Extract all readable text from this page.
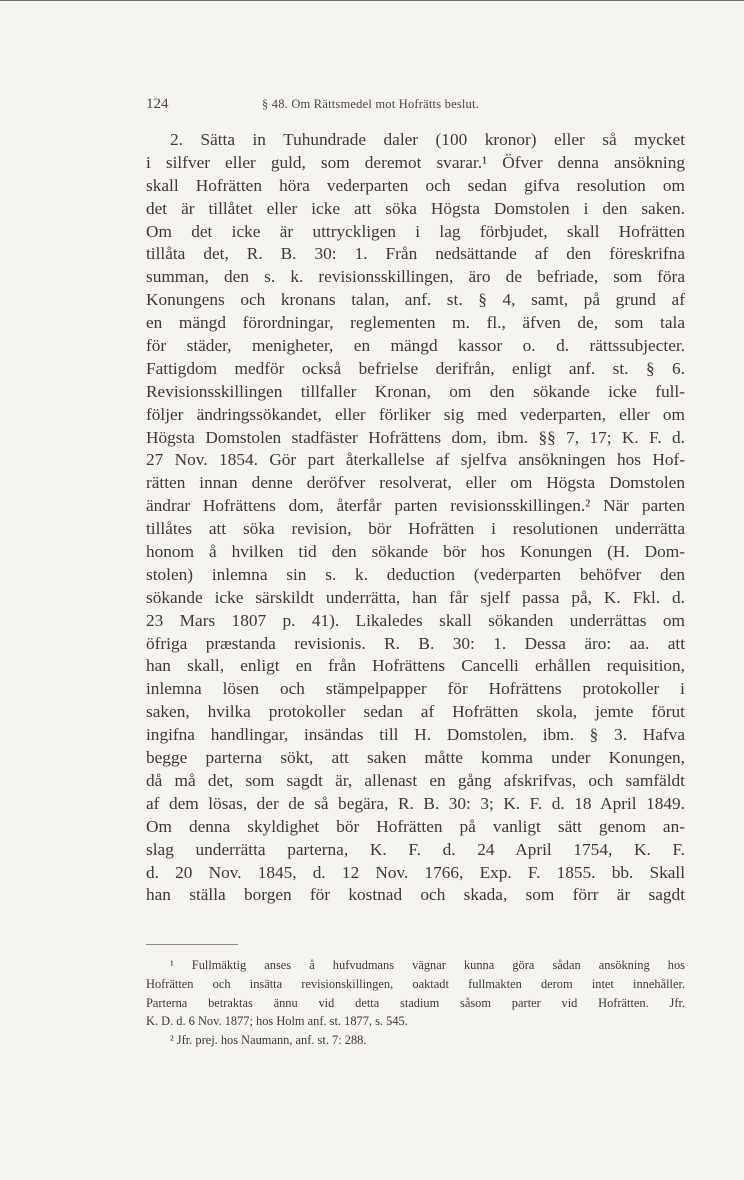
124	§ 48. Om Rättsmedel mot Hofrätts beslut.
2. Sätta in Tuhundrade daler (100 kronor) eller så mycket
i silfver eller guld, som deremot svarar.¹ Öfver denna ansökning
skall Hofrätten höra vederparten och sedan gifva resolution om
det är tillåtet eller icke att söka Högsta Domstolen i den saken.
Om det icke är uttryckligen i lag förbjudet, skall Hofrätten
tillåta det, R. B. 30: 1. Från nedsättande af den föreskrifna
summan, den s. k. revisionsskillingen, äro de befriade, som föra
Konungens och kronans talan, anf. st. § 4, samt, på grund af
en mängd förordningar, reglementen m. fl., äfven de, som tala
för städer, menigheter, en mängd kassor o. d. rättssubjecter.
Fattigdom medför också befrielse derifrån, enligt anf. st. § 6.
Revisionsskillingen tillfaller Kronan, om den sökande icke full-
följer ändringssökandet, eller förliker sig med vederparten, eller om
Högsta Domstolen stadfäster Hofrättens dom, ibm. §§ 7, 17; K. F. d.
27 Nov. 1854. Gör part återkallelse af sjelfva ansökningen hos Hof-
rätten innan denne deröfver resolverat, eller om Högsta Domstolen
ändrar Hofrättens dom, återfår parten revisionsskillingen.² När parten
tillåtes att söka revision, bör Hofrätten i resolutionen underrätta
honom å hvilken tid den sökande bör hos Konungen (H. Dom-
stolen) inlemna sin s. k. deduction (vederparten behöfver den
sökande icke särskildt underrätta, han får sjelf passa på, K. Fkl. d.
23 Mars 1807 p. 41). Likaledes skall sökanden underrättas om
öfriga præstanda revisionis. R. B. 30: 1. Dessa äro: aa. att
han skall, enligt en från Hofrättens Cancelli erhållen requisition,
inlemna lösen och stämpelpapper för Hofrättens protokoller i
saken, hvilka protokoller sedan af Hofrätten skola, jemte förut
ingifna handlingar, insändas till H. Domstolen, ibm. § 3. Hafva
begge parterna sökt, att saken måtte komma under Konungen,
då må det, som sagdt är, allenast en gång afskrifvas, och samfäldt
af dem lösas, der de så begära, R. B. 30: 3; K. F. d. 18 April 1849.
Om denna skyldighet bör Hofrätten på vanligt sätt genom an-
slag underrätta parterna, K. F. d. 24 April 1754, K. F.
d. 20 Nov. 1845, d. 12 Nov. 1766, Exp. F. 1855. bb. Skall
han ställa borgen för kostnad och skada, som förr är sagdt
¹ Fullmäktig anses å hufvudmans vägnar kunna göra sådan ansökning hos
Hofrätten och insätta revisionskillingen, oaktadt fullmakten derom intet innehåller.
Parterna betraktas ännu vid detta stadium såsom parter vid Hofrätten. Jfr.
K. D. d. 6 Nov. 1877; hos Holm anf. st. 1877, s. 545.
² Jfr. prej. hos Naumann, anf. st. 7: 288.
